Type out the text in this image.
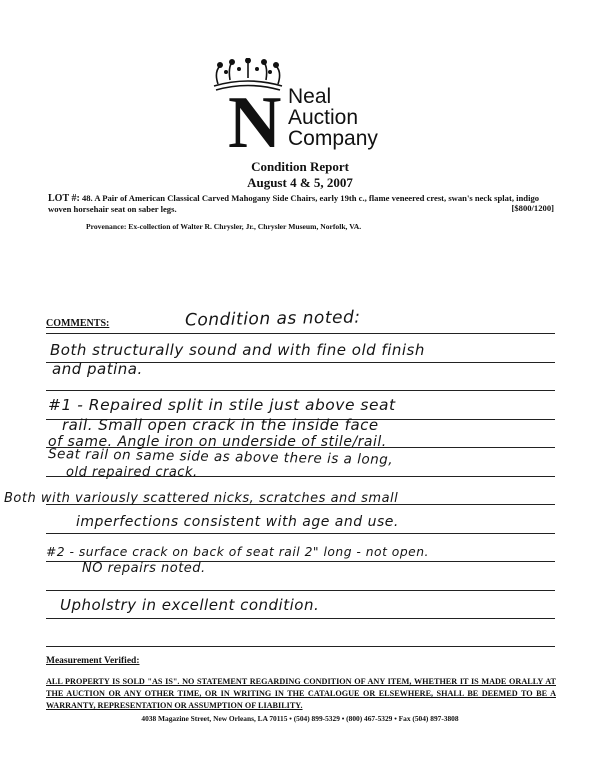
N Neal
Auction
Company
Condition Report
August 4 & 5, 2007
LOT #: 48. A Pair of American Classical Carved Mahogany Side Chairs, early 19th c., flame veneered crest, swan's neck splat, indigo woven horsehair seat on saber legs.	[$800/1200]
Provenance: Ex-collection of Walter R. Chrysler, Jr., Chrysler Museum, Norfolk, VA.
COMMENTS:	Condition as noted:
Both structurally sound and with fine old finish
and patina.
#1 - Repaired split in stile just above seat
rail. Small open crack in the inside face
of same. Angle iron on underside of stile/rail.
Seat rail on same side as above there is a long,
old repaired crack.
Both with variously scattered nicks, scratches and small
imperfections consistent with age and use.
#2 - surface crack on back of seat rail 2" long - not open.
NO repairs noted.
Upholstry in excellent condition.
Measurement Verified:
ALL PROPERTY IS SOLD "AS IS". NO STATEMENT REGARDING CONDITION OF ANY ITEM, WHETHER IT IS MADE ORALLY AT THE AUCTION OR ANY OTHER TIME, OR IN WRITING IN THE CATALOGUE OR ELSEWHERE, SHALL BE DEEMED TO BE A WARRANTY, REPRESENTATION OR ASSUMPTION OF LIABILITY.
4038 Magazine Street, New Orleans, LA 70115 • (504) 899-5329 • (800) 467-5329 • Fax (504) 897-3808
